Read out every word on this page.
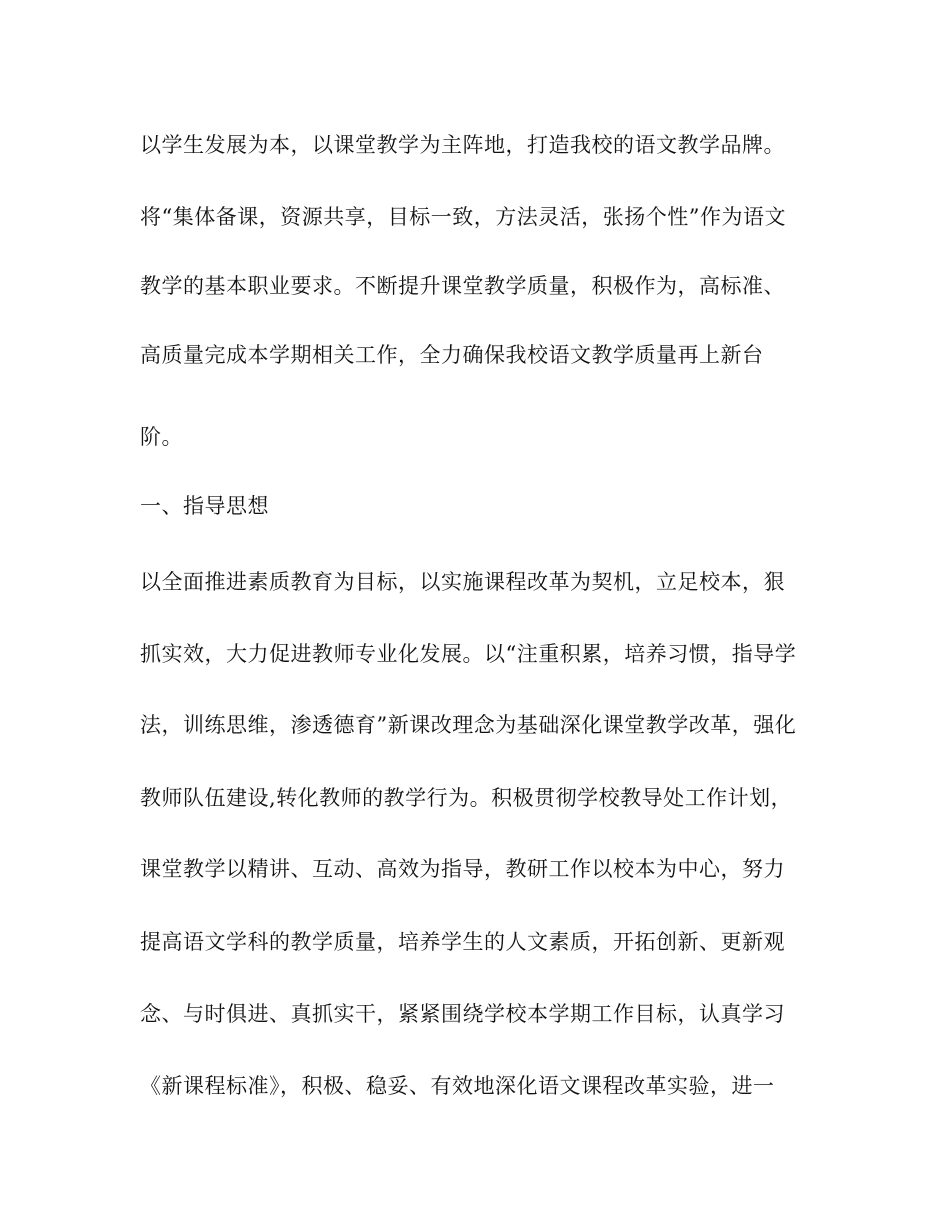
以学生发展为本，以课堂教学为主阵地，打造我校的语文教学品牌。
将“集体备课，资源共享，目标一致，方法灵活，张扬个性”作为语文
教学的基本职业要求。不断提升课堂教学质量，积极作为，高标准、
高质量完成本学期相关工作，全力确保我校语文教学质量再上新台
阶。
一、指导思想
以全面推进素质教育为目标，以实施课程改革为契机，立足校本，狠
抓实效，大力促进教师专业化发展。以“注重积累，培养习惯，指导学
法，训练思维，渗透德育”新课改理念为基础深化课堂教学改革，强化
教师队伍建设,转化教师的教学行为。积极贯彻学校教导处工作计划，
课堂教学以精讲、互动、高效为指导，教研工作以校本为中心，努力
提高语文学科的教学质量，培养学生的人文素质，开拓创新、更新观
念、与时俱进、真抓实干，紧紧围绕学校本学期工作目标，认真学习
《新课程标准》，积极、稳妥、有效地深化语文课程改革实验，进一
